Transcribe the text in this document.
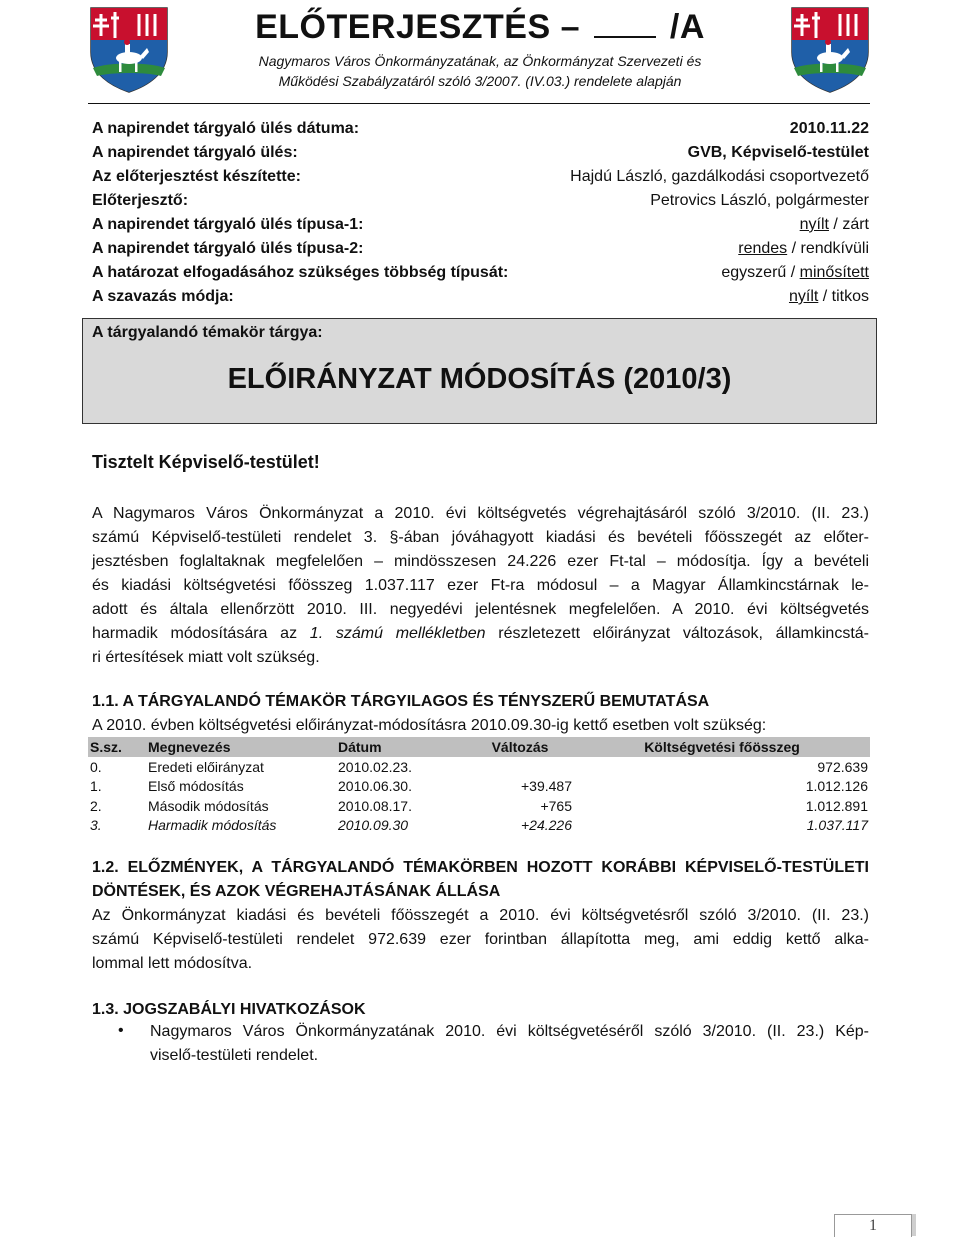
ELŐTERJESZTÉS –	/A
Nagymaros Város Önkormányzatának, az Önkormányzat Szervezeti és
Működési Szabályzatáról szóló 3/2007. (IV.03.) rendelete alapján
A napirendet tárgyaló ülés dátuma:	2010.11.22
A napirendet tárgyaló ülés:	GVB, Képviselő-testület
Az előterjesztést készítette:	Hajdú László, gazdálkodási csoportvezető
Előterjesztő:	Petrovics László, polgármester
A napirendet tárgyaló ülés típusa-1:	nyílt / zárt
A napirendet tárgyaló ülés típusa-2:	rendes / rendkívüli
A határozat elfogadásához szükséges többség típusát:	egyszerű / minősített
A szavazás módja:	nyílt / titkos
A tárgyalandó témakör tárgya:
ELŐIRÁNYZAT MÓDOSÍTÁS (2010/3)
Tisztelt Képviselő-testület!
A Nagymaros Város Önkormányzat a 2010. évi költségvetés végrehajtásáról szóló 3/2010. (II. 23.)
számú Képviselő-testületi rendelet 3. §-ában jóváhagyott kiadási és bevételi főösszegét az előter-
jesztésben foglaltaknak megfelelően – mindösszesen 24.226 ezer Ft-tal – módosítja. Így a bevételi
és kiadási költségvetési főösszeg 1.037.117 ezer Ft-ra módosul – a Magyar Államkincstárnak le-
adott és általa ellenőrzött 2010. III. negyedévi jelentésnek megfelelően. A 2010. évi költségvetés
harmadik módosítására az 1. számú mellékletben részletezett előirányzat változások, államkincstá-
ri értesítések miatt volt szükség.
1.1. A TÁRGYALANDÓ TÉMAKÖR TÁRGYILAGOS ÉS TÉNYSZERŰ BEMUTATÁSA
A 2010. évben költségvetési előirányzat-módosításra 2010.09.30-ig kettő esetben volt szükség:
S.sz.	Megnevezés	Dátum	Változás	Költségvetési főösszeg
0.	Eredeti előirányzat	2010.02.23.		972.639
1.	Első módosítás	2010.06.30.	+39.487	1.012.126
2.	Második módosítás	2010.08.17.	+765	1.012.891
3.	Harmadik módosítás	2010.09.30	+24.226	1.037.117
1.2. ELŐZMÉNYEK, A TÁRGYALANDÓ TÉMAKÖRBEN HOZOTT KORÁBBI KÉPVISELŐ-TESTÜLETI
DÖNTÉSEK, ÉS AZOK VÉGREHAJTÁSÁNAK ÁLLÁSA
Az Önkormányzat kiadási és bevételi főösszegét a 2010. évi költségvetésről szóló 3/2010. (II. 23.)
számú Képviselő-testületi rendelet 972.639 ezer forintban állapította meg, ami eddig kettő alka-
lommal lett módosítva.
1.3. JOGSZABÁLYI HIVATKOZÁSOK
• Nagymaros Város Önkormányzatának 2010. évi költségvetéséről szóló 3/2010. (II. 23.) Kép-
viselő-testületi rendelet.
1
